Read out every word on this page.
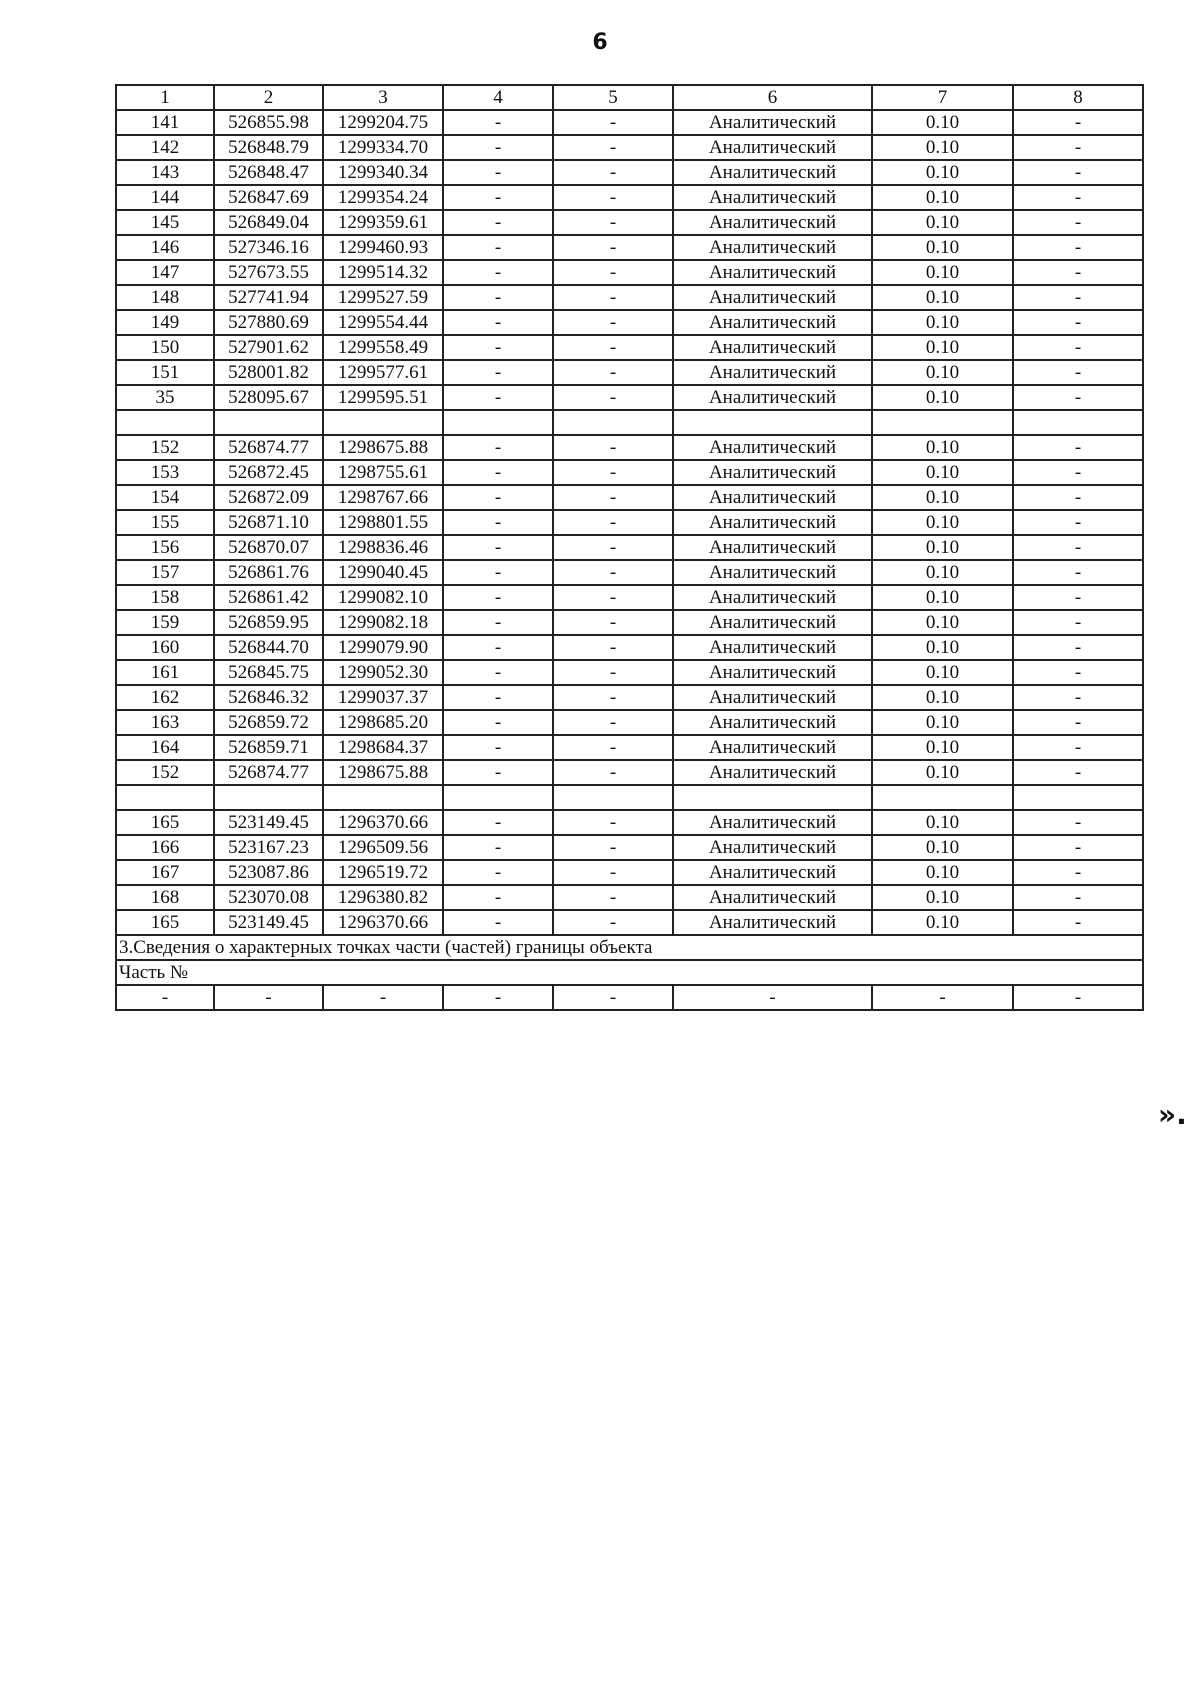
6
1	2	3	4	5	6	7	8
141	526855.98	1299204.75	-	-	Аналитический	0.10	-
142	526848.79	1299334.70	-	-	Аналитический	0.10	-
143	526848.47	1299340.34	-	-	Аналитический	0.10	-
144	526847.69	1299354.24	-	-	Аналитический	0.10	-
145	526849.04	1299359.61	-	-	Аналитический	0.10	-
146	527346.16	1299460.93	-	-	Аналитический	0.10	-
147	527673.55	1299514.32	-	-	Аналитический	0.10	-
148	527741.94	1299527.59	-	-	Аналитический	0.10	-
149	527880.69	1299554.44	-	-	Аналитический	0.10	-
150	527901.62	1299558.49	-	-	Аналитический	0.10	-
151	528001.82	1299577.61	-	-	Аналитический	0.10	-
35	528095.67	1299595.51	-	-	Аналитический	0.10	-

152	526874.77	1298675.88	-	-	Аналитический	0.10	-
153	526872.45	1298755.61	-	-	Аналитический	0.10	-
154	526872.09	1298767.66	-	-	Аналитический	0.10	-
155	526871.10	1298801.55	-	-	Аналитический	0.10	-
156	526870.07	1298836.46	-	-	Аналитический	0.10	-
157	526861.76	1299040.45	-	-	Аналитический	0.10	-
158	526861.42	1299082.10	-	-	Аналитический	0.10	-
159	526859.95	1299082.18	-	-	Аналитический	0.10	-
160	526844.70	1299079.90	-	-	Аналитический	0.10	-
161	526845.75	1299052.30	-	-	Аналитический	0.10	-
162	526846.32	1299037.37	-	-	Аналитический	0.10	-
163	526859.72	1298685.20	-	-	Аналитический	0.10	-
164	526859.71	1298684.37	-	-	Аналитический	0.10	-
152	526874.77	1298675.88	-	-	Аналитический	0.10	-

165	523149.45	1296370.66	-	-	Аналитический	0.10	-
166	523167.23	1296509.56	-	-	Аналитический	0.10	-
167	523087.86	1296519.72	-	-	Аналитический	0.10	-
168	523070.08	1296380.82	-	-	Аналитический	0.10	-
165	523149.45	1296370.66	-	-	Аналитический	0.10	-
3.Сведения о характерных точках части (частей) границы объекта							
Часть №							
-	-	-	-	-	-	-	-
».
